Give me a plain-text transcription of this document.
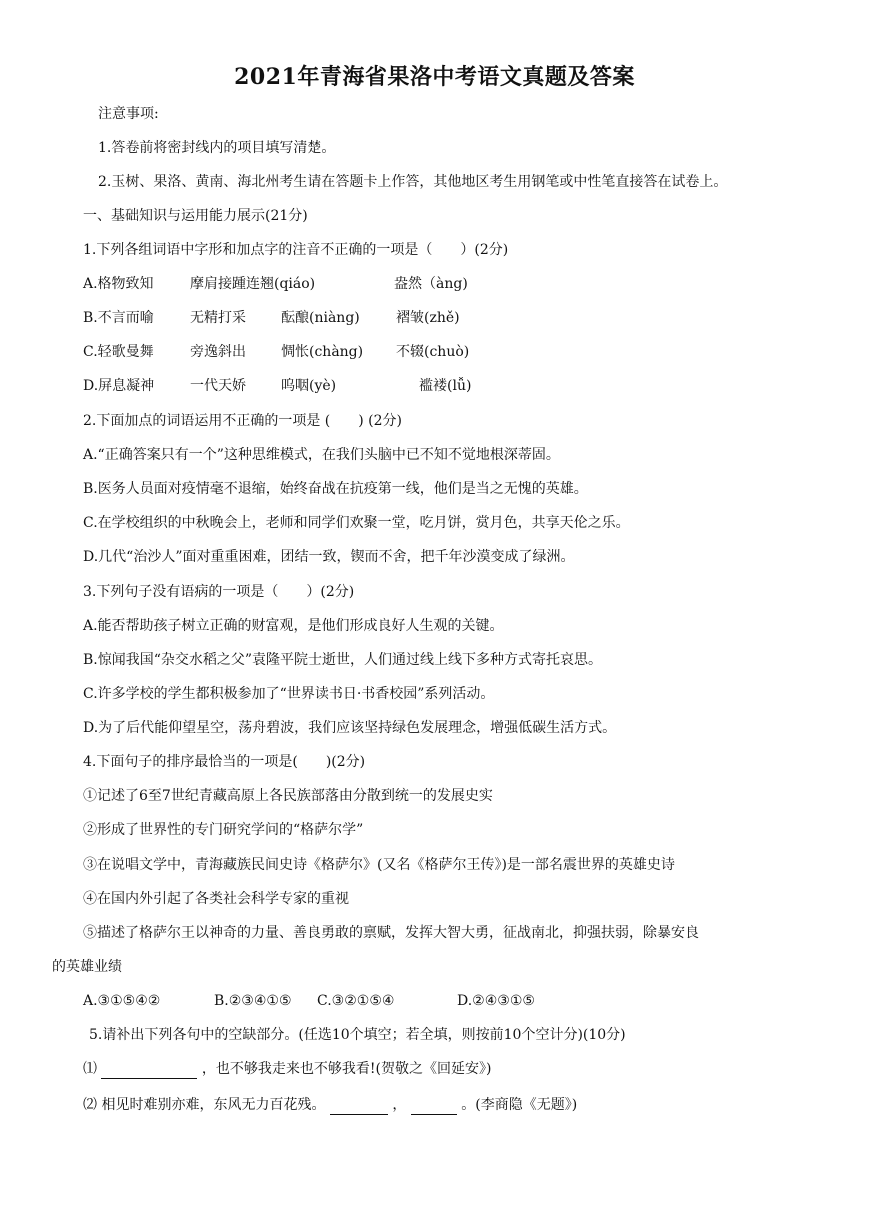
2021年青海省果洛中考语文真题及答案
注意事项:
1.答卷前将密封线内的项目填写清楚。
2.玉树、果洛、黄南、海北州考生请在答题卡上作答，其他地区考生用钢笔或中性笔直接答在试卷上。
一、基础知识与运用能力展示(21分)
1.下列各组词语中字形和加点字的注音不正确的一项是（　　）(2分)
A.格物致知	摩肩接踵连翘(qiáo)	盎然（àng)
B.不言而喻	无精打采	酝酿(niàng)	褶皱(zhě)
C.轻歌曼舞	旁逸斜出	惆怅(chàng) 不辍(chuò)
D.屏息凝神	一代天娇	呜咽(yè)	褴褛(lǚ)
2.下面加点的词语运用不正确的一项是 (　　) (2分)
A.“正确答案只有一个”这种思维模式，在我们头脑中已不知不觉地根深蒂固。
B.医务人员面对疫情毫不退缩，始终奋战在抗疫第一线，他们是当之无愧的英雄。
C.在学校组织的中秋晚会上，老师和同学们欢聚一堂，吃月饼，赏月色，共享天伦之乐。
D.几代“治沙人”面对重重困难，团结一致，锲而不舍，把千年沙漠变成了绿洲。
3.下列句子没有语病的一项是（　　）(2分)
A.能否帮助孩子树立正确的财富观，是他们形成良好人生观的关键。
B.惊闻我国“杂交水稻之父”袁隆平院士逝世，人们通过线上线下多种方式寄托哀思。
C.许多学校的学生都积极参加了“世界读书日·书香校园”系列活动。
D.为了后代能仰望星空，荡舟碧波，我们应该坚持绿色发展理念，增强低碳生活方式。
4.下面句子的排序最恰当的一项是(　　)(2分)
①记述了6至7世纪青藏高原上各民族部落由分散到统一的发展史实
②形成了世界性的专门研究学问的“格萨尔学”
③在说唱文学中，青海藏族民间史诗《格萨尔》(又名《格萨尔王传》)是一部名震世界的英雄史诗
④在国内外引起了各类社会科学专家的重视
⑤描述了格萨尔王以神奇的力量、善良勇敢的禀赋，发挥大智大勇，征战南北，抑强扶弱，除暴安良
的英雄业绩
A.③①⑤④②	B.②③④①⑤ C.③②①⑤④	D.②④③①⑤
5.请补出下列各句中的空缺部分。(任选10个填空；若全填，则按前10个空计分)(10分)
⑴	，也不够我走来也不够我看!(贺敬之《回延安》)
⑵ 相见时难别亦难，东风无力百花残。	，	。(李商隐《无题》)
